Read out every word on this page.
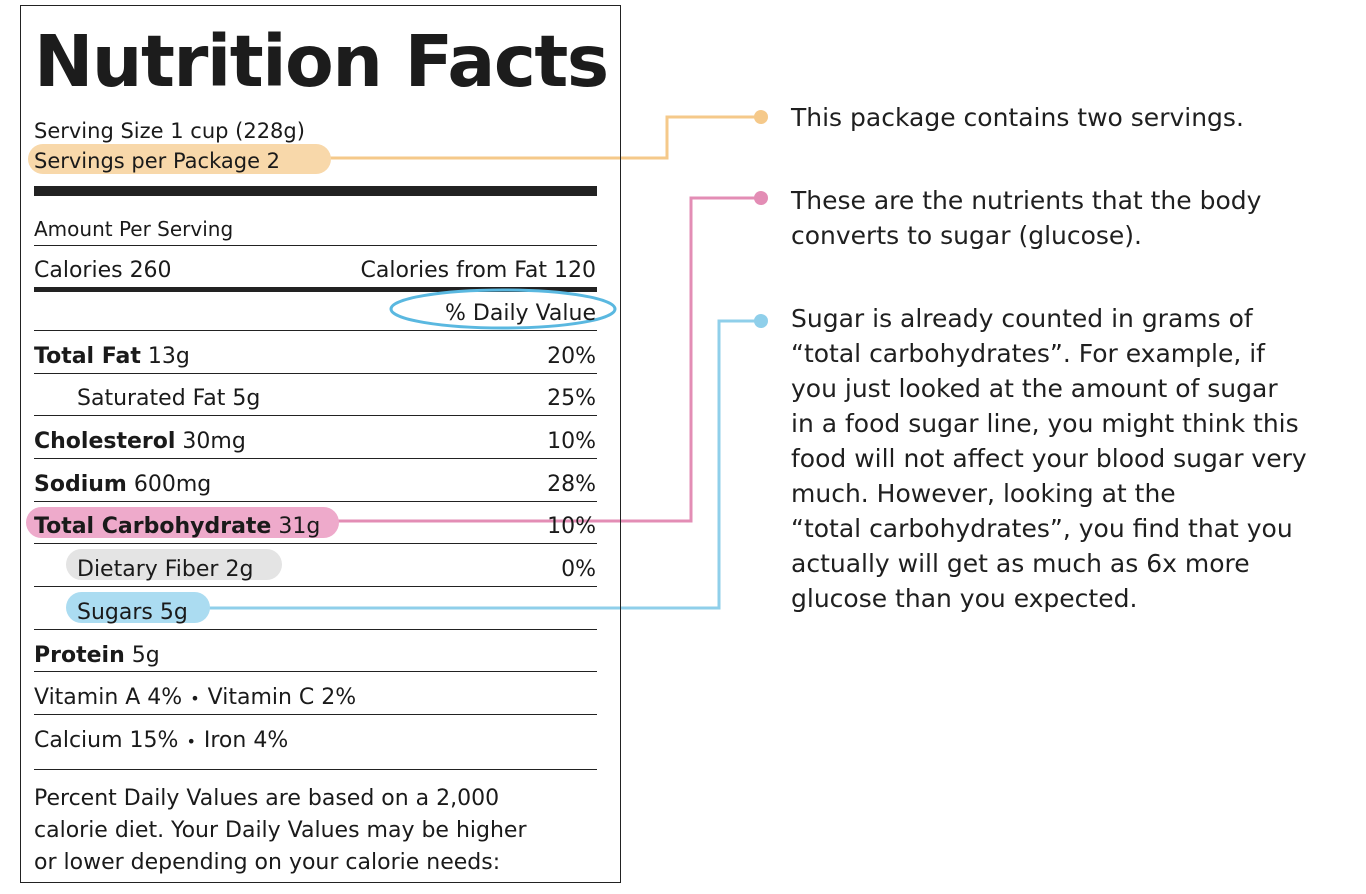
Nutrition Facts
Serving Size 1 cup (228g)
Servings per Package 2
Amount Per Serving
Calories 260	Calories from Fat 120
% Daily Value
Total Fat 13g	20%
Saturated Fat 5g	25%
Cholesterol 30mg	10%
Sodium 600mg	28%
Total Carbohydrate 31g	10%
Dietary Fiber 2g	0%
Sugars 5g
Protein 5g
Vitamin A 4% • Vitamin C 2%
Calcium 15% • Iron 4%
Percent Daily Values are based on a 2,000
calorie diet. Your Daily Values may be higher
or lower depending on your calorie needs:
This package contains two servings.
These are the nutrients that the body
converts to sugar (glucose).
Sugar is already counted in grams of
“total carbohydrates”. For example, if
you just looked at the amount of sugar
in a food sugar line, you might think this
food will not affect your blood sugar very
much. However, looking at the
“total carbohydrates”, you find that you
actually will get as much as 6x more
glucose than you expected.
